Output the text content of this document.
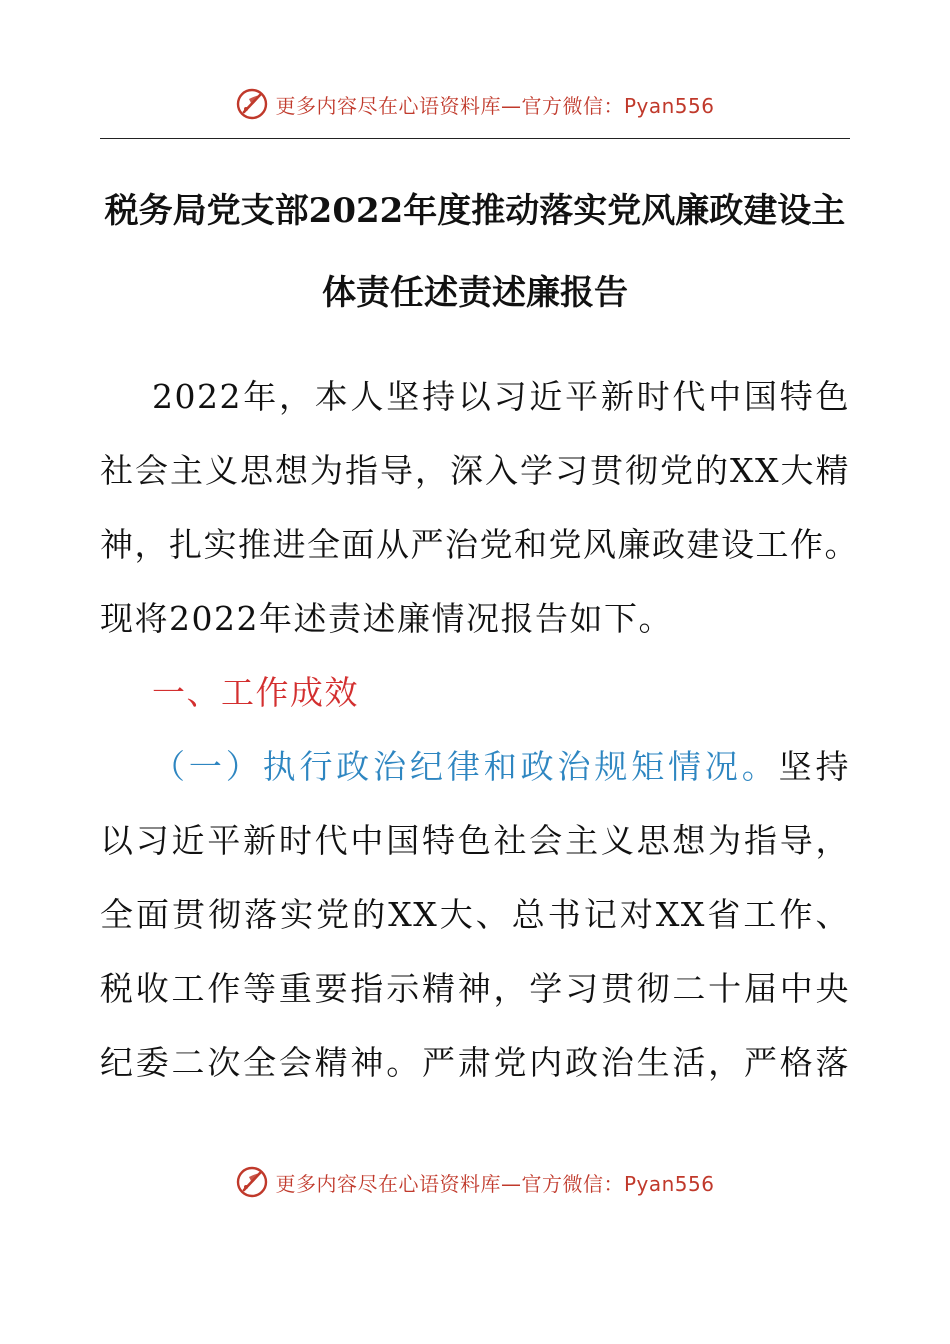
更多内容尽在心语资料库—官方微信：Pyan556
税务局党支部2022年度推动落实党风廉政建设主
体责任述责述廉报告
2022年，本人坚持以习近平新时代中国特色
社会主义思想为指导，深入学习贯彻党的XX大精
神，扎实推进全面从严治党和党风廉政建设工作。
现将2022年述责述廉情况报告如下。
一、工作成效
（一）执行政治纪律和政治规矩情况。坚持
以习近平新时代中国特色社会主义思想为指导，
全面贯彻落实党的XX大、总书记对XX省工作、
税收工作等重要指示精神，学习贯彻二十届中央
纪委二次全会精神。严肃党内政治生活，严格落
更多内容尽在心语资料库—官方微信：Pyan556
